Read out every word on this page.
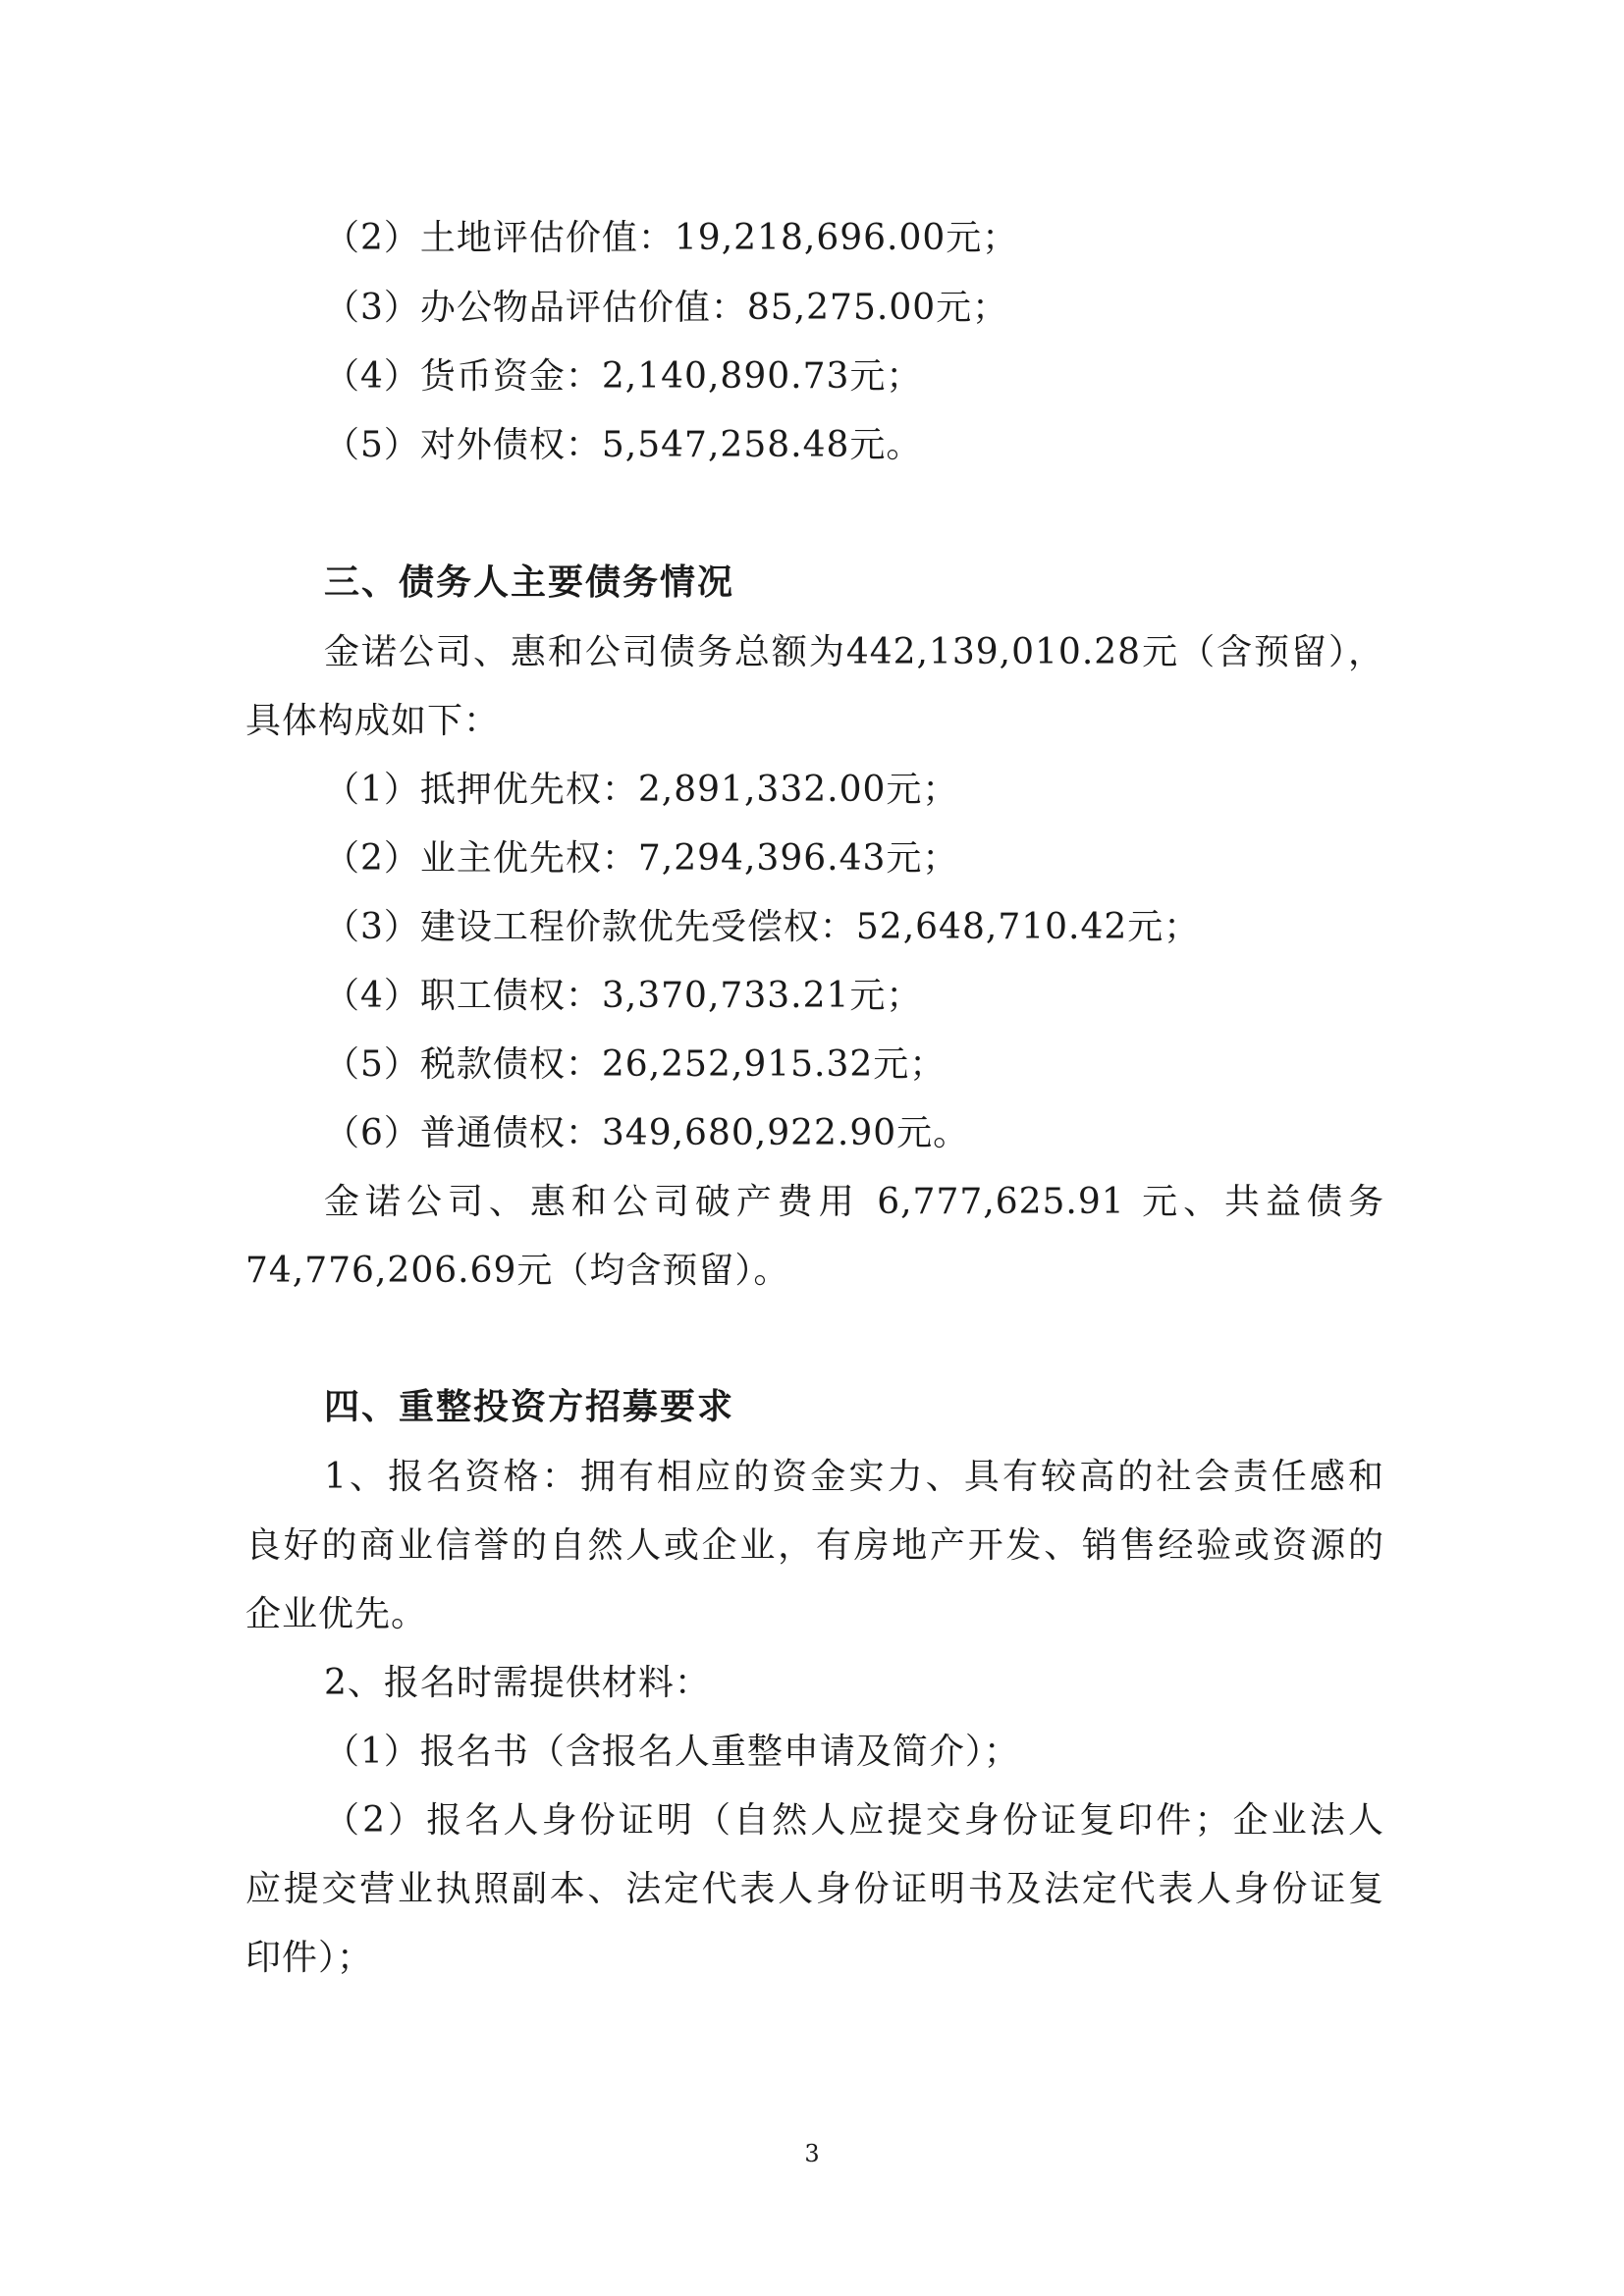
（2）土地评估价值：19,218,696.00元；
（3）办公物品评估价值：85,275.00元；
（4）货币资金：2,140,890.73元；
（5）对外债权：5,547,258.48元。
三、债务人主要债务情况
金诺公司、惠和公司债务总额为442,139,010.28元（含预留），
具体构成如下：
（1）抵押优先权：2,891,332.00元；
（2）业主优先权：7,294,396.43元；
（3）建设工程价款优先受偿权：52,648,710.42元；
（4）职工债权：3,370,733.21元；
（5）税款债权：26,252,915.32元；
（6）普通债权：349,680,922.90元。
金诺公司、惠和公司破产费用 6,777,625.91 元、共益债务
74,776,206.69元（均含预留）。
四、重整投资方招募要求
1、报名资格：拥有相应的资金实力、具有较高的社会责任感和
良好的商业信誉的自然人或企业，有房地产开发、销售经验或资源的
企业优先。
2、报名时需提供材料：
（1）报名书（含报名人重整申请及简介）；
（2）报名人身份证明（自然人应提交身份证复印件；企业法人
应提交营业执照副本、法定代表人身份证明书及法定代表人身份证复
印件）；
3
